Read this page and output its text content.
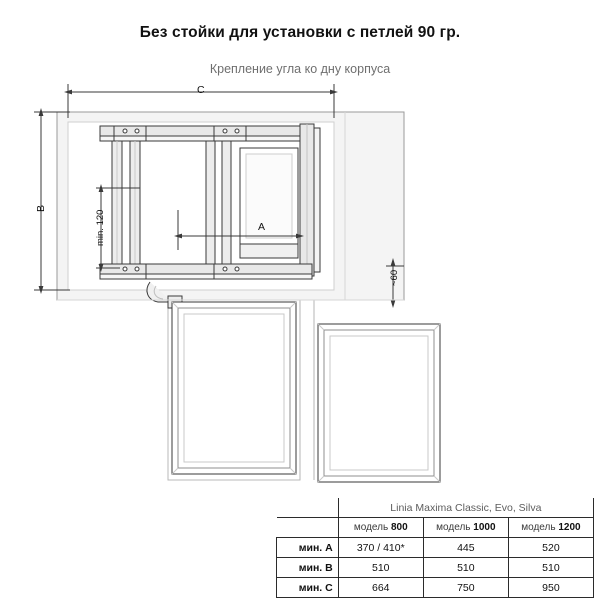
Без стойки для установки с петлей 90 гр.
Крепление угла ко дну корпуса
C
B
A
min. 120
~60
	Linia Maxima Classic, Evo, Silva		
	модель 800	модель 1000	модель 1200
мин. A	370 / 410*	445	520
мин. B	510	510	510
мин. C	664	750	950
